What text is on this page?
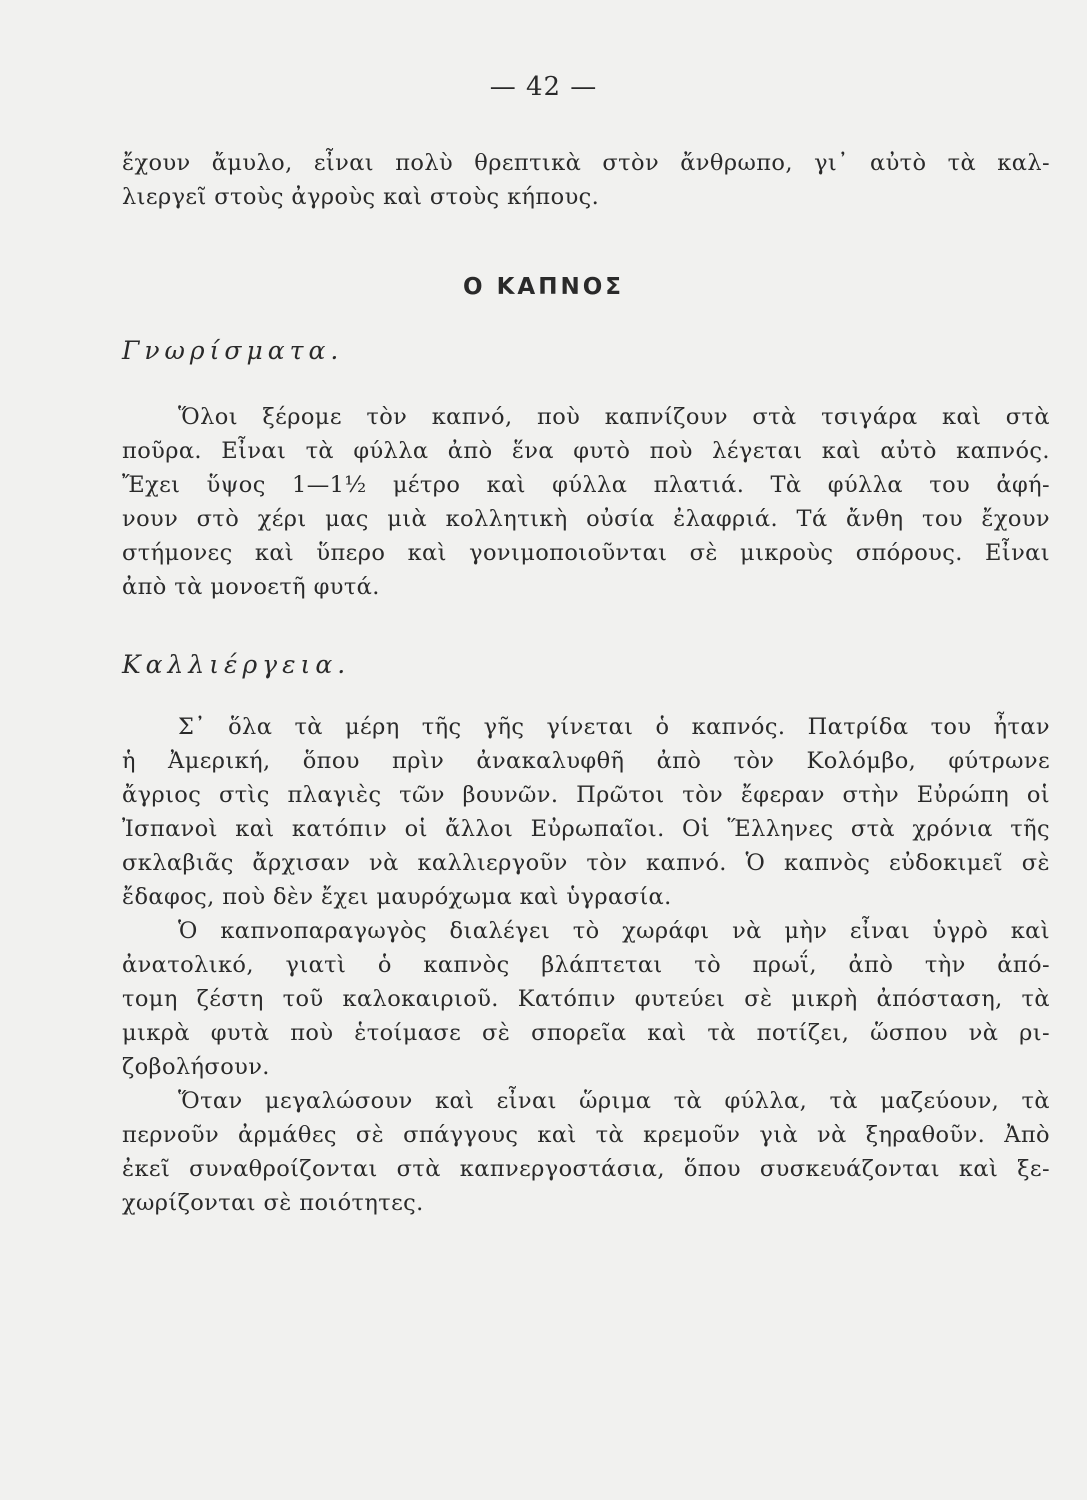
— 42 —
ἔχουν ἄμυλο, εἶναι πολὺ θρεπτικὰ στὸν ἄνθρωπο, γι᾽ αὐτὸ τὰ καλ-
λιεργεῖ στοὺς ἀγροὺς καὶ στοὺς κήπους.
Ο ΚΑΠΝΟΣ
Γνωρίσματα.
Ὅλοι ξέρομε τὸν καπνό, ποὺ καπνίζουν στὰ τσιγάρα καὶ στὰ
ποῦρα. Εἶναι τὰ φύλλα ἀπὸ ἕνα φυτὸ ποὺ λέγεται καὶ αὐτὸ καπνός.
Ἔχει ὕψος 1—1½ μέτρο καὶ φύλλα πλατιά. Τὰ φύλλα του ἀφή-
νουν στὸ χέρι μας μιὰ κολλητικὴ οὐσία ἐλαφριά. Τά ἄνθη του ἔχουν
στήμονες καὶ ὕπερο καὶ γονιμοποιοῦνται σὲ μικροὺς σπόρους. Εἶναι
ἀπὸ τὰ μονοετῆ φυτά.
Καλλιέργεια.
Σ᾽ ὅλα τὰ μέρη τῆς γῆς γίνεται ὁ καπνός. Πατρίδα του ἦταν
ἡ Ἀμερική, ὅπου πρὶν ἀνακαλυφθῆ ἀπὸ τὸν Κολόμβο, φύτρωνε
ἄγριος στὶς πλαγιὲς τῶν βουνῶν. Πρῶτοι τὸν ἔφεραν στὴν Εὐρώπη οἱ
Ἰσπανοὶ καὶ κατόπιν οἱ ἄλλοι Εὐρωπαῖοι. Οἱ Ἕλληνες στὰ χρόνια τῆς
σκλαβιᾶς ἄρχισαν νὰ καλλιεργοῦν τὸν καπνό. Ὁ καπνὸς εὐδοκιμεῖ σὲ
ἔδαφος, ποὺ δὲν ἔχει μαυρόχωμα καὶ ὑγρασία.
Ὁ καπνοπαραγωγὸς διαλέγει τὸ χωράφι νὰ μὴν εἶναι ὑγρὸ καὶ
ἀνατολικό, γιατὶ ὁ καπνὸς βλάπτεται τὸ πρωΐ, ἀπὸ τὴν ἀπό-
τομη ζέστη τοῦ καλοκαιριοῦ. Κατόπιν φυτεύει σὲ μικρὴ ἀπόσταση, τὰ
μικρὰ φυτὰ ποὺ ἑτοίμασε σὲ σπορεῖα καὶ τὰ ποτίζει, ὥσπου νὰ ρι-
ζοβολήσουν.
Ὅταν μεγαλώσουν καὶ εἶναι ὥριμα τὰ φύλλα, τὰ μαζεύουν, τὰ
περνοῦν ἀρμάθες σὲ σπάγγους καὶ τὰ κρεμοῦν γιὰ νὰ ξηραθοῦν. Ἀπὸ
ἐκεῖ συναθροίζονται στὰ καπνεργοστάσια, ὅπου συσκευάζονται καὶ ξε-
χωρίζονται σὲ ποιότητες.
